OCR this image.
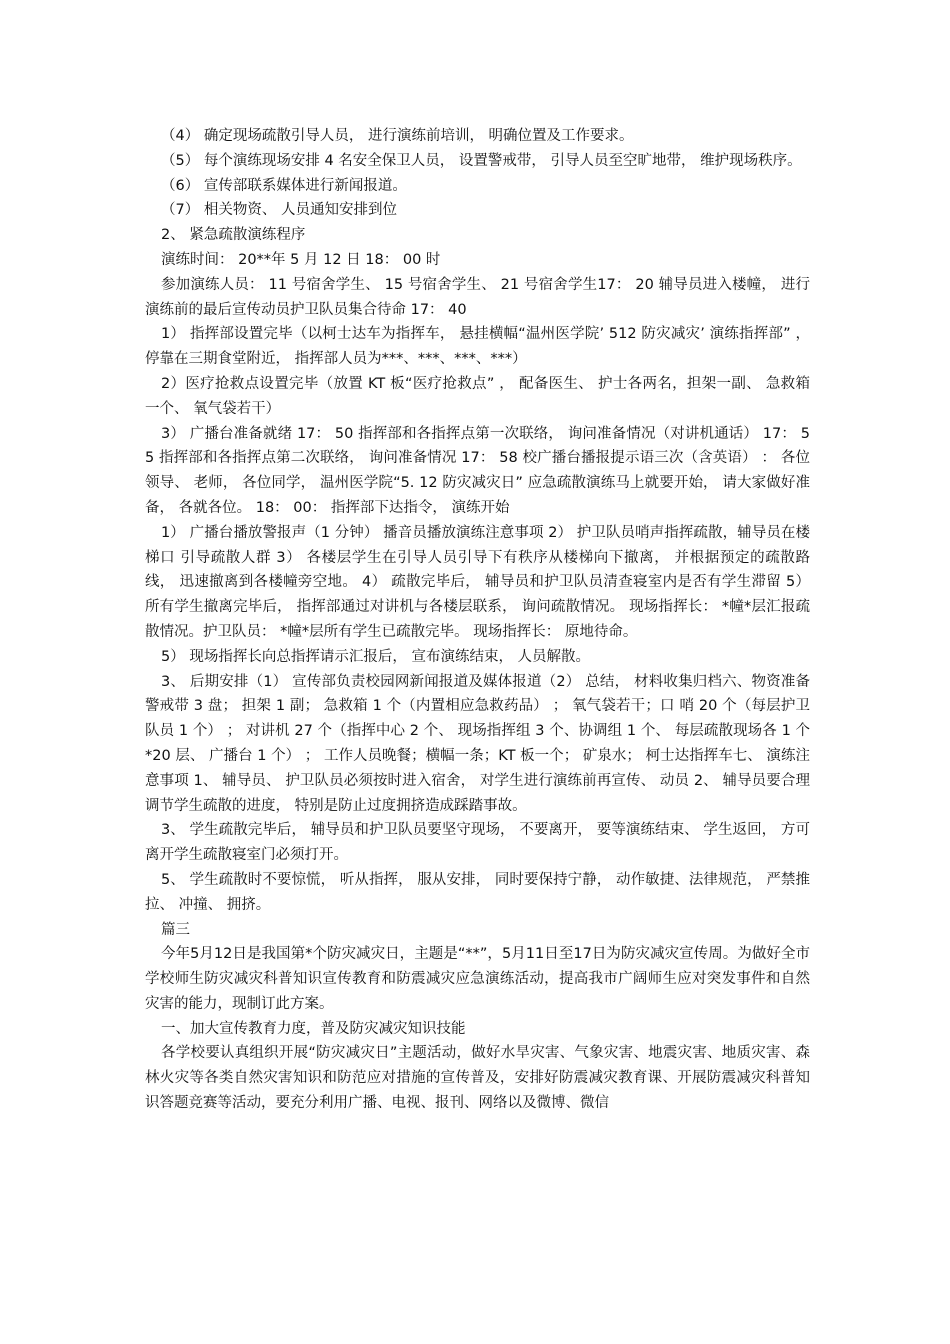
（4） 确定现场疏散引导人员， 进行演练前培训， 明确位置及工作要求。

（5） 每个演练现场安排 4 名安全保卫人员， 设置警戒带， 引导人员至空旷地带， 维护现场秩序。

（6） 宣传部联系媒体进行新闻报道。

（7） 相关物资、 人员通知安排到位

2、 紧急疏散演练程序

演练时间： 20**年 5 月 12 日 18： 00 时

参加演练人员： 11 号宿舍学生、 15 号宿舍学生、 21 号宿舍学生17： 20 辅导员进入楼幢， 进行演练前的最后宣传动员护卫队员集合待命 17： 40

1） 指挥部设置完毕（以柯士达车为指挥车， 悬挂横幅“温州医学院’ 512 防灾减灾’ 演练指挥部” ， 停靠在三期食堂附近， 指挥部人员为***、***、***、***）

2）医疗抢救点设置完毕（放置 KT 板“医疗抢救点” ， 配备医生、 护士各两名，担架一副、 急救箱一个、 氧气袋若干）

3） 广播台准备就绪 17： 50 指挥部和各指挥点第一次联络， 询问准备情况（对讲机通话） 17： 55 指挥部和各指挥点第二次联络， 询问准备情况 17： 58 校广播台播报提示语三次（含英语） ： 各位领导、 老师， 各位同学， 温州医学院“5. 12 防灾减灾日” 应急疏散演练马上就要开始， 请大家做好准备， 各就各位。 18： 00： 指挥部下达指令， 演练开始

1） 广播台播放警报声（1 分钟） 播音员播放演练注意事项 2） 护卫队员哨声指挥疏散，辅导员在楼梯口 引导疏散人群 3） 各楼层学生在引导人员引导下有秩序从楼梯向下撤离， 并根据预定的疏散路线， 迅速撤离到各楼幢旁空地。 4） 疏散完毕后， 辅导员和护卫队员清查寝室内是否有学生滞留 5） 所有学生撤离完毕后， 指挥部通过对讲机与各楼层联系， 询问疏散情况。 现场指挥长： *幢*层汇报疏散情况。护卫队员： *幢*层所有学生已疏散完毕。 现场指挥长： 原地待命。

5） 现场指挥长向总指挥请示汇报后， 宣布演练结束， 人员解散。

3、 后期安排（1） 宣传部负责校园网新闻报道及媒体报道（2） 总结， 材料收集归档六、物资准备警戒带 3 盘； 担架 1 副； 急救箱 1 个（内置相应急救药品） ； 氧气袋若干；口 哨 20 个（每层护卫队员 1 个） ； 对讲机 27 个（指挥中心 2 个、 现场指挥组 3 个、协调组 1 个、 每层疏散现场各 1 个*20 层、 广播台 1 个） ； 工作人员晚餐；横幅一条；KT 板一个； 矿泉水； 柯士达指挥车七、 演练注意事项 1、 辅导员、 护卫队员必须按时进入宿舍， 对学生进行演练前再宣传、 动员 2、 辅导员要合理调节学生疏散的进度， 特别是防止过度拥挤造成踩踏事故。

3、 学生疏散完毕后， 辅导员和护卫队员要坚守现场， 不要离开， 要等演练结束、 学生返回， 方可离开学生疏散寝室门必须打开。

5、 学生疏散时不要惊慌， 听从指挥， 服从安排， 同时要保持宁静， 动作敏捷、法律规范， 严禁推拉、 冲撞、 拥挤。

篇三

今年5月12日是我国第*个防灾减灾日，主题是“**”，5月11日至17日为防灾减灾宣传周。为做好全市学校师生防灾减灾科普知识宣传教育和防震减灾应急演练活动，提高我市广阔师生应对突发事件和自然灾害的能力，现制订此方案。

一、加大宣传教育力度，普及防灾减灾知识技能

各学校要认真组织开展“防灾减灾日”主题活动，做好水旱灾害、气象灾害、地震灾害、地质灾害、森林火灾等各类自然灾害知识和防范应对措施的宣传普及，安排好防震减灾教育课、开展防震减灾科普知识答题竞赛等活动，要充分利用广播、电视、报刊、网络以及微博、微信
